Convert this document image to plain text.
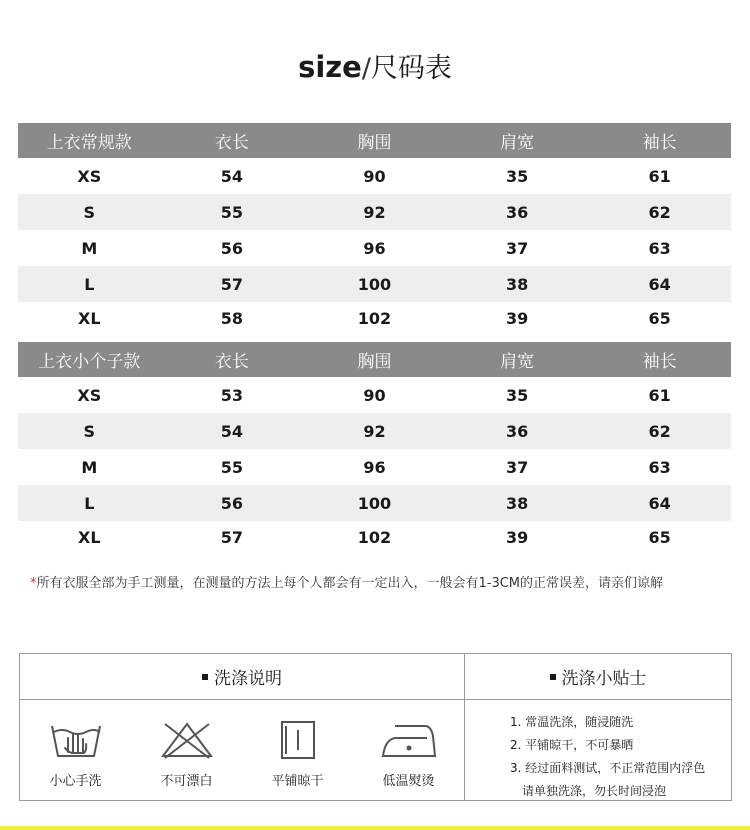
size/尺码表
上衣常规款	衣长	胸围	肩宽	袖长
XS	54	90	35	61
S	55	92	36	62
M	56	96	37	63
L	57	100	38	64
XL	58	102	39	65
上衣小个子款	衣长	胸围	肩宽	袖长
XS	53	90	35	61
S	54	92	36	62
M	55	96	37	63
L	56	100	38	64
XL	57	102	39	65
*所有衣服全部为手工测量，在测量的方法上每个人都会有一定出入，一般会有1-3CM的正常误差，请亲们谅解
洗涤说明	洗涤小贴士
小心手洗	不可漂白	平铺晾干	低温熨烫
1. 常温洗涤，随浸随洗
2. 平铺晾干，不可暴晒
3. 经过面料测试，不正常范围内浮色
请单独洗涤，勿长时间浸泡
